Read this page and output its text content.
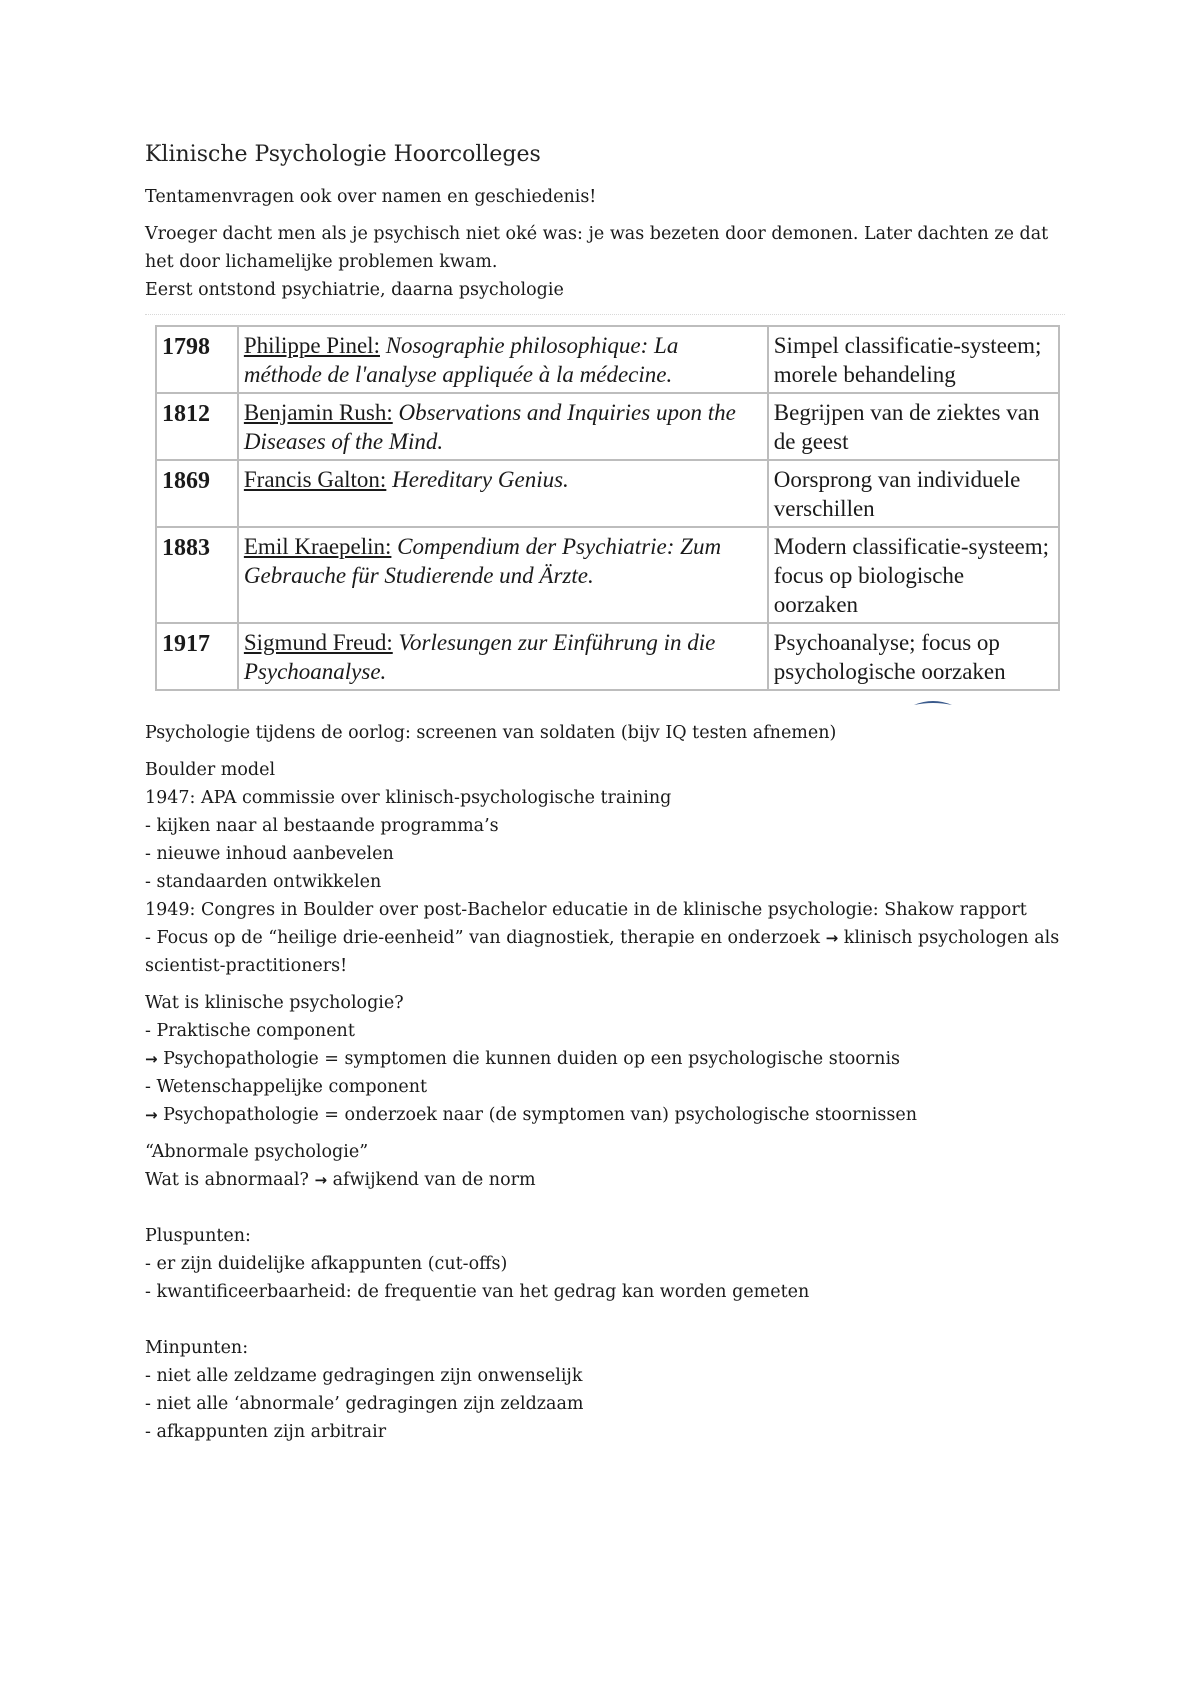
Klinische Psychologie Hoorcolleges

Tentamenvragen ook over namen en geschiedenis!

Vroeger dacht men als je psychisch niet oké was: je was bezeten door demonen. Later dachten ze dat het door lichamelijke problemen kwam.
Eerst ontstond psychiatrie, daarna psychologie

1798	Philippe Pinel: Nosographie philosophique: La méthode de l'analyse appliquée à la médecine.	Simpel classificatie-systeem; morele behandeling
1812	Benjamin Rush: Observations and Inquiries upon the Diseases of the Mind.	Begrijpen van de ziektes van de geest
1869	Francis Galton: Hereditary Genius.	Oorsprong van individuele verschillen
1883	Emil Kraepelin: Compendium der Psychiatrie: Zum Gebrauche für Studierende und Ärzte.	Modern classificatie-systeem; focus op biologische oorzaken
1917	Sigmund Freud: Vorlesungen zur Einführung in die Psychoanalyse.	Psychoanalyse; focus op psychologische oorzaken

Psychologie tijdens de oorlog: screenen van soldaten (bijv IQ testen afnemen)

Boulder model
1947: APA commissie over klinisch-psychologische training
- kijken naar al bestaande programma’s
- nieuwe inhoud aanbevelen
- standaarden ontwikkelen
1949: Congres in Boulder over post-Bachelor educatie in de klinische psychologie: Shakow rapport
- Focus op de “heilige drie-eenheid” van diagnostiek, therapie en onderzoek → klinisch psychologen als scientist-practitioners!

Wat is klinische psychologie?
- Praktische component
→ Psychopathologie = symptomen die kunnen duiden op een psychologische stoornis
- Wetenschappelijke component
→ Psychopathologie = onderzoek naar (de symptomen van) psychologische stoornissen

“Abnormale psychologie”
Wat is abnormaal? → afwijkend van de norm

Pluspunten:
- er zijn duidelijke afkappunten (cut-offs)
- kwantificeerbaarheid: de frequentie van het gedrag kan worden gemeten

Minpunten:
- niet alle zeldzame gedragingen zijn onwenselijk
- niet alle ‘abnormale’ gedragingen zijn zeldzaam
- afkappunten zijn arbitrair
